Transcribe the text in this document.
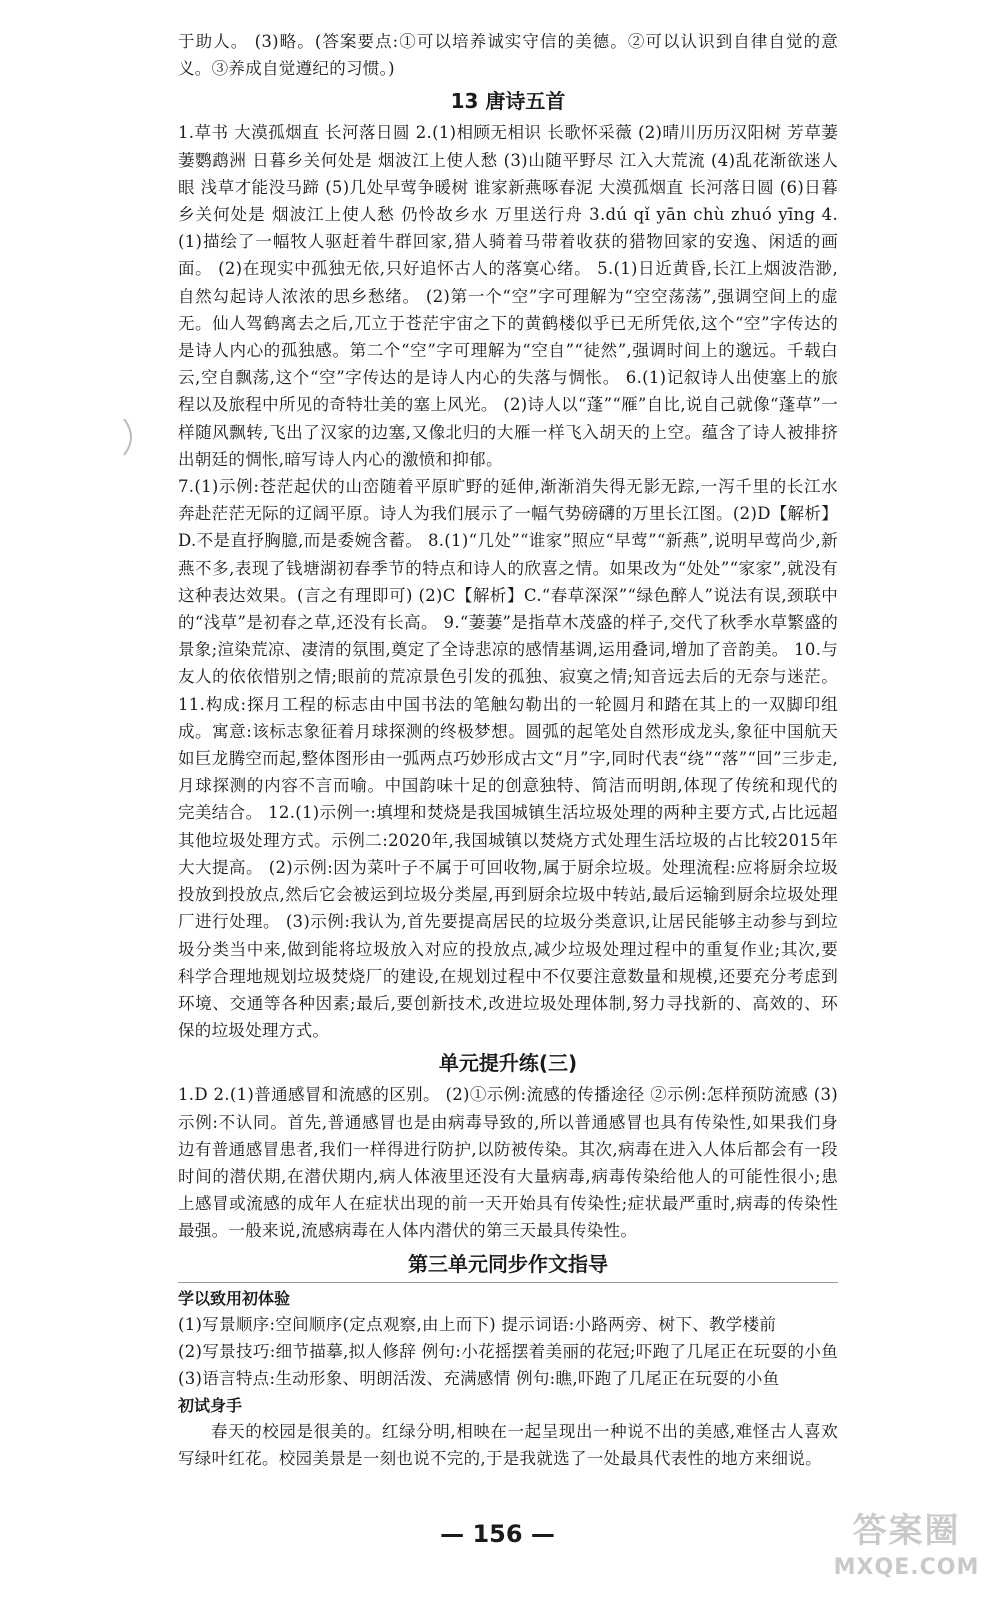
于助人。 (3)略。(答案要点:①可以培养诚实守信的美德。②可以认识到自律自觉的意义。③养成自觉遵纪的习惯。)

13 唐诗五首

1.草书 大漠孤烟直 长河落日圆 2.(1)相顾无相识 长歌怀采薇 (2)晴川历历汉阳树 芳草萋萋鹦鹉洲 日暮乡关何处是 烟波江上使人愁 (3)山随平野尽 江入大荒流 (4)乱花渐欲迷人眼 浅草才能没马蹄 (5)几处早莺争暖树 谁家新燕啄春泥 大漠孤烟直 长河落日圆 (6)日暮乡关何处是 烟波江上使人愁 仍怜故乡水 万里送行舟 3.dú qǐ yān chù zhuó yīng 4.(1)描绘了一幅牧人驱赶着牛群回家,猎人骑着马带着收获的猎物回家的安逸、闲适的画面。 (2)在现实中孤独无依,只好追怀古人的落寞心绪。 5.(1)日近黄昏,长江上烟波浩渺,自然勾起诗人浓浓的思乡愁绪。 (2)第一个“空”字可理解为“空空荡荡”,强调空间上的虚无。仙人驾鹤离去之后,兀立于苍茫宇宙之下的黄鹤楼似乎已无所凭依,这个“空”字传达的是诗人内心的孤独感。第二个“空”字可理解为“空自”“徒然”,强调时间上的邈远。千载白云,空自飘荡,这个“空”字传达的是诗人内心的失落与惆怅。 6.(1)记叙诗人出使塞上的旅程以及旅程中所见的奇特壮美的塞上风光。 (2)诗人以“蓬”“雁”自比,说自己就像“蓬草”一样随风飘转,飞出了汉家的边塞,又像北归的大雁一样飞入胡天的上空。蕴含了诗人被排挤出朝廷的惆怅,暗写诗人内心的激愤和抑郁。

7.(1)示例:苍茫起伏的山峦随着平原旷野的延伸,渐渐消失得无影无踪,一泻千里的长江水奔赴茫茫无际的辽阔平原。诗人为我们展示了一幅气势磅礴的万里长江图。(2)D【解析】D.不是直抒胸臆,而是委婉含蓄。 8.(1)“几处”“谁家”照应“早莺”“新燕”,说明早莺尚少,新燕不多,表现了钱塘湖初春季节的特点和诗人的欣喜之情。如果改为“处处”“家家”,就没有这种表达效果。(言之有理即可) (2)C【解析】C.“春草深深”“绿色醉人”说法有误,颈联中的“浅草”是初春之草,还没有长高。 9.“萋萋”是指草木茂盛的样子,交代了秋季水草繁盛的景象;渲染荒凉、凄清的氛围,奠定了全诗悲凉的感情基调,运用叠词,增加了音韵美。 10.与友人的依依惜别之情;眼前的荒凉景色引发的孤独、寂寞之情;知音远去后的无奈与迷茫。 11.构成:探月工程的标志由中国书法的笔触勾勒出的一轮圆月和踏在其上的一双脚印组成。寓意:该标志象征着月球探测的终极梦想。圆弧的起笔处自然形成龙头,象征中国航天如巨龙腾空而起,整体图形由一弧两点巧妙形成古文“月”字,同时代表“绕”“落”“回”三步走,月球探测的内容不言而喻。中国韵味十足的创意独特、简洁而明朗,体现了传统和现代的完美结合。 12.(1)示例一:填埋和焚烧是我国城镇生活垃圾处理的两种主要方式,占比远超其他垃圾处理方式。示例二:2020年,我国城镇以焚烧方式处理生活垃圾的占比较2015年大大提高。 (2)示例:因为菜叶子不属于可回收物,属于厨余垃圾。处理流程:应将厨余垃圾投放到投放点,然后它会被运到垃圾分类屋,再到厨余垃圾中转站,最后运输到厨余垃圾处理厂进行处理。 (3)示例:我认为,首先要提高居民的垃圾分类意识,让居民能够主动参与到垃圾分类当中来,做到能将垃圾放入对应的投放点,减少垃圾处理过程中的重复作业;其次,要科学合理地规划垃圾焚烧厂的建设,在规划过程中不仅要注意数量和规模,还要充分考虑到环境、交通等各种因素;最后,要创新技术,改进垃圾处理体制,努力寻找新的、高效的、环保的垃圾处理方式。

单元提升练(三)

1.D 2.(1)普通感冒和流感的区别。 (2)①示例:流感的传播途径 ②示例:怎样预防流感 (3)示例:不认同。首先,普通感冒也是由病毒导致的,所以普通感冒也具有传染性,如果我们身边有普通感冒患者,我们一样得进行防护,以防被传染。其次,病毒在进入人体后都会有一段时间的潜伏期,在潜伏期内,病人体液里还没有大量病毒,病毒传染给他人的可能性很小;患上感冒或流感的成年人在症状出现的前一天开始具有传染性;症状最严重时,病毒的传染性最强。一般来说,流感病毒在人体内潜伏的第三天最具传染性。

第三单元同步作文指导
学以致用初体验

(1)写景顺序:空间顺序(定点观察,由上而下) 提示词语:小路两旁、树下、教学楼前

(2)写景技巧:细节描摹,拟人修辞 例句:小花摇摆着美丽的花冠;吓跑了几尾正在玩耍的小鱼 (3)语言特点:生动形象、明朗活泼、充满感情 例句:瞧,吓跑了几尾正在玩耍的小鱼

初试身手

春天的校园是很美的。红绿分明,相映在一起呈现出一种说不出的美感,难怪古人喜欢写绿叶红花。校园美景是一刻也说不完的,于是我就选了一处最具代表性的地方来细说。

— 156 —	答案圈
MXQE.COM
